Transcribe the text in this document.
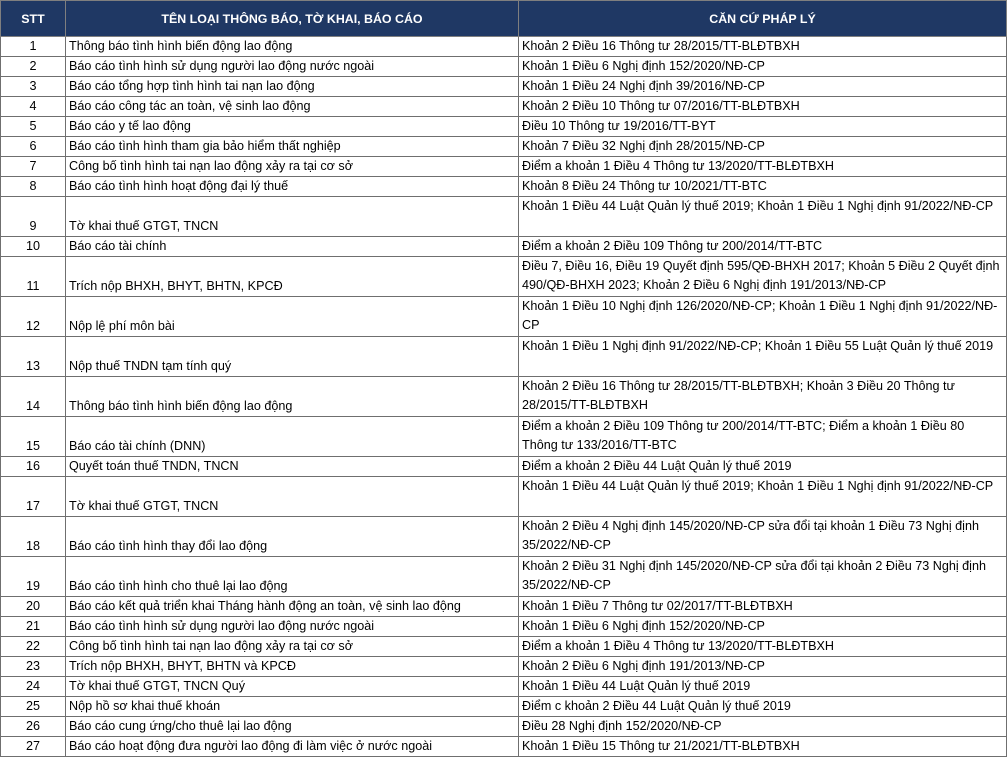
STT	TÊN LOẠI THÔNG BÁO, TỜ KHAI, BÁO CÁO	CĂN CỨ PHÁP LÝ
1	Thông báo tình hình biến động lao động	Khoản 2 Điều 16 Thông tư 28/2015/TT-BLĐTBXH
2	Báo cáo tình hình sử dụng người lao động nước ngoài	Khoản 1 Điều 6 Nghị định 152/2020/NĐ-CP
3	Báo cáo tổng hợp tình hình tai nạn lao động	Khoản 1 Điều 24 Nghị định 39/2016/NĐ-CP
4	Báo cáo công tác an toàn, vệ sinh lao động	Khoản 2 Điều 10 Thông tư 07/2016/TT-BLĐTBXH
5	Báo cáo y tế lao động	Điều 10 Thông tư 19/2016/TT-BYT
6	Báo cáo tình hình tham gia bảo hiểm thất nghiệp	Khoản 7 Điều 32 Nghị định 28/2015/NĐ-CP
7	Công bố tình hình tai nạn lao động xảy ra tại cơ sở	Điểm a khoản 1 Điều 4 Thông tư 13/2020/TT-BLĐTBXH
8	Báo cáo tình hình hoạt động đại lý thuế	Khoản 8 Điều 24 Thông tư 10/2021/TT-BTC
9	Tờ khai thuế GTGT, TNCN	Khoản 1 Điều 44 Luật Quản lý thuế 2019; Khoản 1 Điều 1 Nghị định 91/2022/NĐ-CP
10	Báo cáo tài chính	Điểm a khoản 2 Điều 109 Thông tư 200/2014/TT-BTC
11	Trích nộp BHXH, BHYT, BHTN, KPCĐ	Điều 7, Điều 16, Điều 19 Quyết định 595/QĐ-BHXH 2017; Khoản 5 Điều 2 Quyết định 490/QĐ-BHXH 2023; Khoản 2 Điều 6 Nghị định 191/2013/NĐ-CP
12	Nộp lệ phí môn bài	Khoản 1 Điều 10 Nghị định 126/2020/NĐ-CP; Khoản 1 Điều 1 Nghị định 91/2022/NĐ-CP
13	Nộp thuế TNDN tạm tính quý	Khoản 1 Điều 1 Nghị định 91/2022/NĐ-CP; Khoản 1 Điều 55 Luật Quản lý thuế 2019
14	Thông báo tình hình biến động lao động	Khoản 2 Điều 16 Thông tư 28/2015/TT-BLĐTBXH; Khoản 3 Điều 20 Thông tư 28/2015/TT-BLĐTBXH
15	Báo cáo tài chính (DNN)	Điểm a khoản 2 Điều 109 Thông tư 200/2014/TT-BTC; Điểm a khoản 1 Điều 80 Thông tư 133/2016/TT-BTC
16	Quyết toán thuế TNDN, TNCN	Điểm a khoản 2 Điều 44 Luật Quản lý thuế 2019
17	Tờ khai thuế GTGT, TNCN	Khoản 1 Điều 44 Luật Quản lý thuế 2019; Khoản 1 Điều 1 Nghị định 91/2022/NĐ-CP
18	Báo cáo tình hình thay đổi lao động	Khoản 2 Điều 4 Nghị định 145/2020/NĐ-CP sửa đổi tại khoản 1 Điều 73 Nghị định 35/2022/NĐ-CP
19	Báo cáo tình hình cho thuê lại lao động	Khoản 2 Điều 31 Nghị định 145/2020/NĐ-CP sửa đổi tại khoản 2 Điều 73 Nghị định 35/2022/NĐ-CP
20	Báo cáo kết quả triển khai Tháng hành động an toàn, vệ sinh lao động	Khoản 1 Điều 7 Thông tư 02/2017/TT-BLĐTBXH
21	Báo cáo tình hình sử dụng người lao động nước ngoài	Khoản 1 Điều 6 Nghị định 152/2020/NĐ-CP
22	Công bố tình hình tai nạn lao động xảy ra tại cơ sở	Điểm a khoản 1 Điều 4 Thông tư 13/2020/TT-BLĐTBXH
23	Trích nộp BHXH, BHYT, BHTN và KPCĐ	Khoản 2 Điều 6 Nghị định 191/2013/NĐ-CP
24	Tờ khai thuế GTGT, TNCN Quý	Khoản 1 Điều 44 Luật Quản lý thuế 2019
25	Nộp hồ sơ khai thuế khoán	Điểm c khoản 2 Điều 44 Luật Quản lý thuế 2019
26	Báo cáo cung ứng/cho thuê lại lao động	Điều 28 Nghị định 152/2020/NĐ-CP
27	Báo cáo hoạt động đưa người lao động đi làm việc ở nước ngoài	Khoản 1 Điều 15 Thông tư 21/2021/TT-BLĐTBXH
